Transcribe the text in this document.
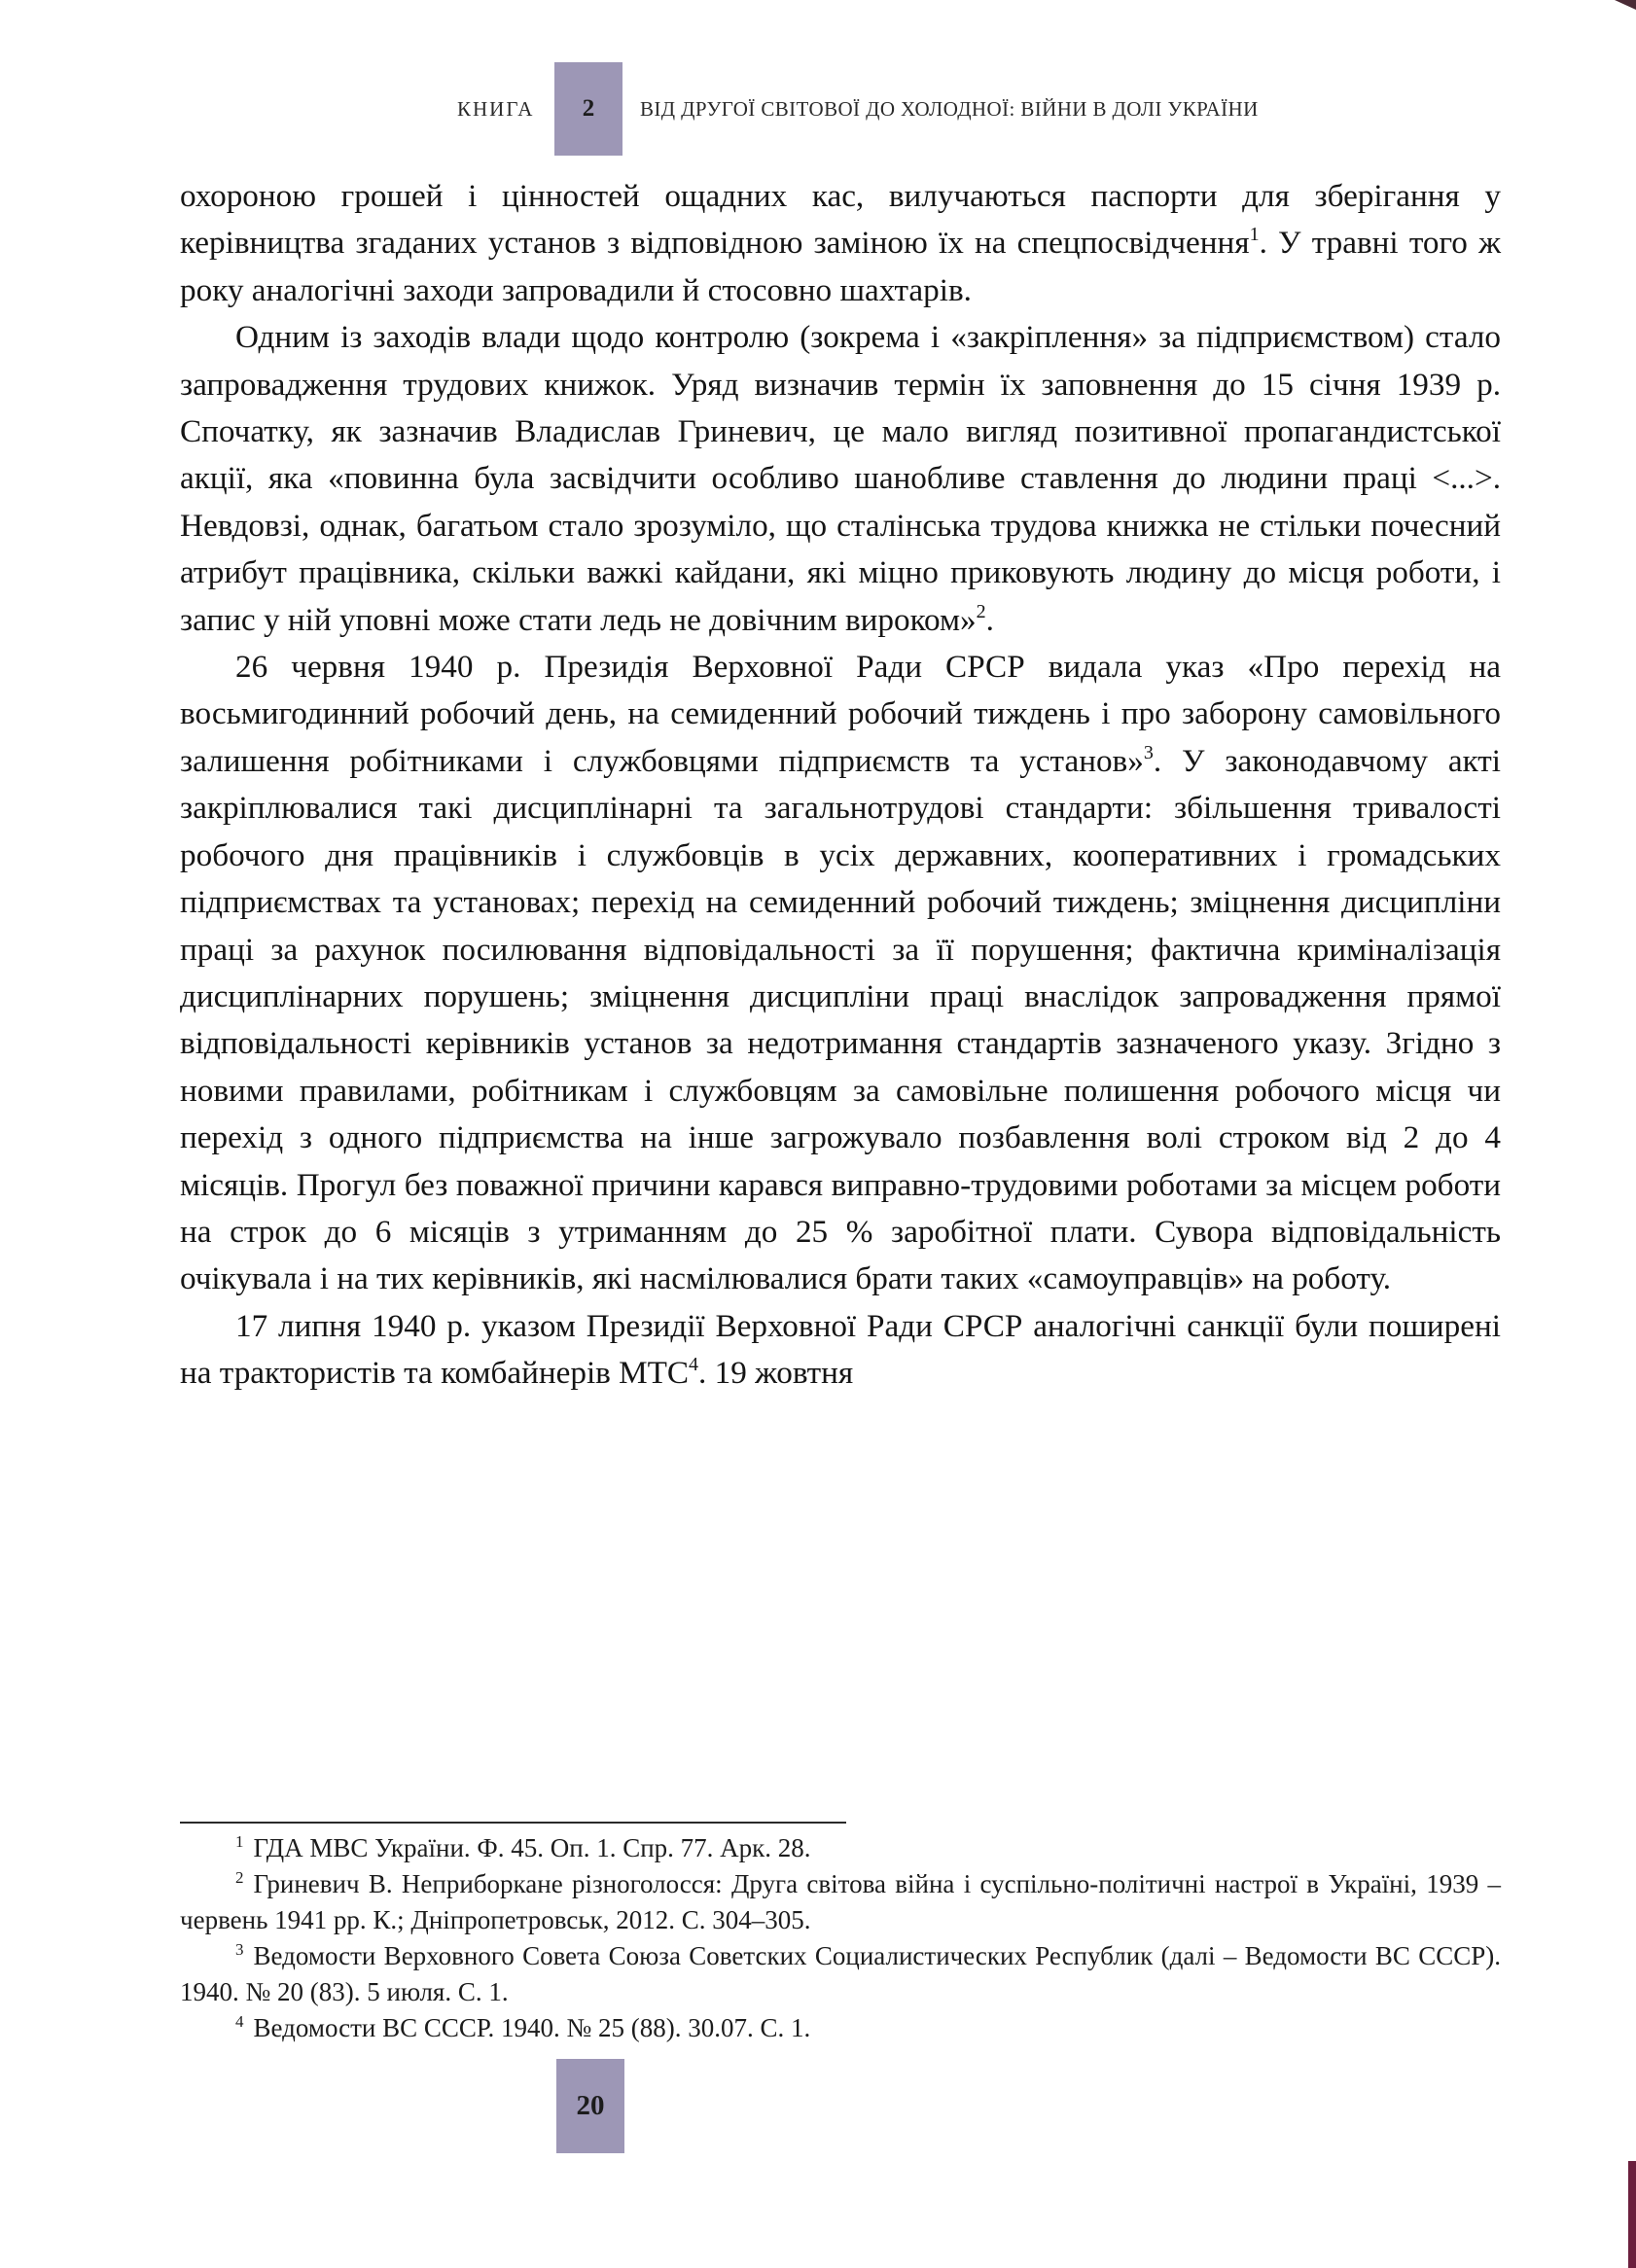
КНИГА	2	ВІД ДРУГОЇ СВІТОВОЇ ДО ХОЛОДНОЇ: ВІЙНИ В ДОЛІ УКРАЇНИ

охороною грошей і цінностей ощадних кас, вилучаються паспорти для зберігання у керівництва згаданих установ з відповідною заміною їх на спецпосвідчення$^1$. У травні того ж року аналогічні заходи запровадили й стосовно шахтарів.

Одним із заходів влади щодо контролю (зокрема і «закріплення» за підприємством) стало запровадження трудових книжок. Уряд визначив термін їх заповнення до 15 січня 1939 р. Спочатку, як зазначив Владислав Гриневич, це мало вигляд позитивної пропагандистської акції, яка «повинна була засвідчити особливо шанобливе ставлення до людини праці <...>. Невдовзі, однак, багатьом стало зрозуміло, що сталінська трудова книжка не стільки почесний атрибут працівника, скільки важкі кайдани, які міцно приковують людину до місця роботи, і запис у ній уповні може стати ледь не довічним вироком»$^2$.

26 червня 1940 р. Президія Верховної Ради СРСР видала указ «Про перехід на восьмигодинний робочий день, на семиденний робочий тиждень і про заборону самовільного залишення робітниками і службовцями підприємств та установ»$^3$. У законодавчому акті закріплювалися такі дисциплінарні та загальнотрудові стандарти: збільшення тривалості робочого дня працівників і службовців в усіх державних, кооперативних і громадських підприємствах та установах; перехід на семиденний робочий тиждень; зміцнення дисципліни праці за рахунок посилювання відповідальності за її порушення; фактична криміналізація дисциплінарних порушень; зміцнення дисципліни праці внаслідок запровадження прямої відповідальності керівників установ за недотримання стандартів зазначеного указу. Згідно з новими правилами, робітникам і службовцям за самовільне полишення робочого місця чи перехід з одного підприємства на інше загрожувало позбавлення волі строком від 2 до 4 місяців. Прогул без поважної причини карався виправно-трудовими роботами за місцем роботи на строк до 6 місяців з утриманням до 25 % заробітної плати. Сувора відповідальність очікувала і на тих керівників, які насмілювалися брати таких «самоуправців» на роботу.

17 липня 1940 р. указом Президії Верховної Ради СРСР аналогічні санкції були поширені на трактористів та комбайнерів МТС$^4$. 19 жовтня

$^1$ ГДА МВС України. Ф. 45. Оп. 1. Спр. 77. Арк. 28.

$^2$ Гриневич В. Неприборкане різноголосся: Друга світова війна і суспільно-політичні настрої в Україні, 1939 – червень 1941 рр. К.; Дніпропетровськ, 2012. С. 304–305.

$^3$ Ведомости Верховного Совета Союза Советских Социалистических Республик (далі – Ведомости ВС СССР). 1940. № 20 (83). 5 июля. С. 1.

$^4$ Ведомости ВС СССР. 1940. № 25 (88). 30.07. С. 1.

20
